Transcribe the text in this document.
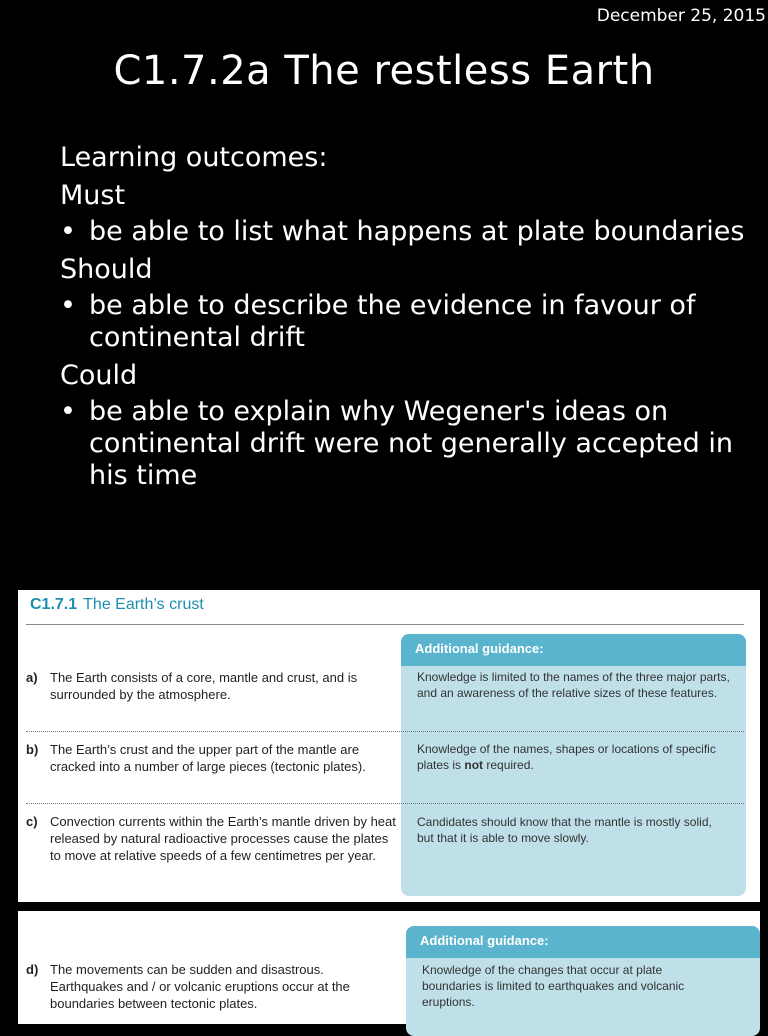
December 25, 2015
C1.7.2a The restless Earth
Learning outcomes:
Must
• be able to list what happens at plate boundaries
Should
• be able to describe the evidence in favour of continental drift
Could
• be able to explain why Wegener's ideas on continental drift were not generally accepted in his time
C1.7.1 The Earth’s crust
Additional guidance:
a) The Earth consists of a core, mantle and crust, and is surrounded by the atmosphere.
Knowledge is limited to the names of the three major parts, and an awareness of the relative sizes of these features.
b) The Earth’s crust and the upper part of the mantle are cracked into a number of large pieces (tectonic plates).
Knowledge of the names, shapes or locations of specific plates is not required.
c) Convection currents within the Earth’s mantle driven by heat released by natural radioactive processes cause the plates to move at relative speeds of a few centimetres per year.
Candidates should know that the mantle is mostly solid, but that it is able to move slowly.
Additional guidance:
d) The movements can be sudden and disastrous. Earthquakes and / or volcanic eruptions occur at the boundaries between tectonic plates.
Knowledge of the changes that occur at plate boundaries is limited to earthquakes and volcanic eruptions.
